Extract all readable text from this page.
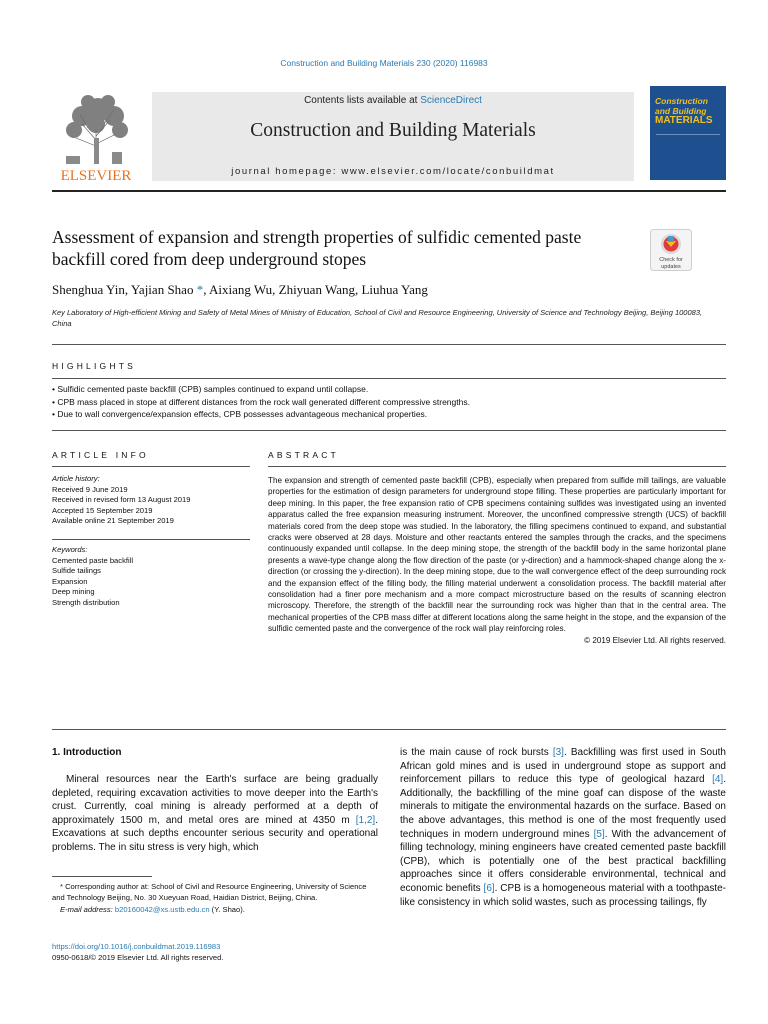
Construction and Building Materials 230 (2020) 116983
ELSEVIER
Contents lists available at ScienceDirect
Construction and Building Materials
journal homepage: www.elsevier.com/locate/conbuildmat
Construction
and Building
MATERIALS
Assessment of expansion and strength properties of sulfidic cemented paste backfill cored from deep underground stopes	Check for updates
Shenghua Yin, Yajian Shao *, Aixiang Wu, Zhiyuan Wang, Liuhua Yang
Key Laboratory of High-efficient Mining and Safety of Metal Mines of Ministry of Education, School of Civil and Resource Engineering, University of Science and Technology Beijing, Beijing 100083, China
HIGHLIGHTS
• Sulfidic cemented paste backfill (CPB) samples continued to expand until collapse.
• CPB mass placed in stope at different distances from the rock wall generated different compressive strengths.
• Due to wall convergence/expansion effects, CPB possesses advantageous mechanical properties.
ARTICLE INFO
Article history:
Received 9 June 2019
Received in revised form 13 August 2019
Accepted 15 September 2019
Available online 21 September 2019
Keywords:
Cemented paste backfill
Sulfide tailings
Expansion
Deep mining
Strength distribution
ABSTRACT
The expansion and strength of cemented paste backfill (CPB), especially when prepared from sulfide mill tailings, are valuable properties for the estimation of design parameters for underground stope filling. These properties are particularly important for deep mining. In this paper, the free expansion ratio of CPB specimens containing sulfides was investigated using an invented apparatus called the free expansion measuring instrument. Moreover, the unconfined compressive strength (UCS) of backfill materials cored from the deep stope was studied. In the laboratory, the filling specimens continued to expand, and substantial cracks were observed at 28 days. Moisture and other reactants entered the samples through the cracks, and the specimens continuously expanded until collapse. In the deep mining stope, the strength of the backfill body in the same horizontal plane presents a wave-type change along the flow direction of the paste (or y-direction) and a hammock-shaped change along the x-direction (or crossing the y-direction). In the deep mining stope, due to the wall convergence effect of the deep surrounding rock and the expansion effect of the filling body, the filling material underwent a consolidation process. The backfill material after consolidation had a finer pore mechanism and a more compact microstructure based on the results of scanning electron microscopy. Therefore, the strength of the backfill near the surrounding rock was higher than that in the central area. The mechanical properties of the CPB mass differ at different locations along the same height in the stope, and the expansion of the sulfidic cemented paste and the convergence of the rock wall play reinforcing roles.
© 2019 Elsevier Ltd. All rights reserved.
1. Introduction
Mineral resources near the Earth's surface are being gradually depleted, requiring excavation activities to move deeper into the Earth's crust. Currently, coal mining is already performed at a depth of approximately 1500 m, and metal ores are mined at 4350 m [1,2]. Excavations at such depths encounter serious security and operational problems. The in situ stress is very high, which
* Corresponding author at: School of Civil and Resource Engineering, University of Science and Technology Beijing, No. 30 Xueyuan Road, Haidian District, Beijing, China.
E-mail address: b20160042@xs.ustb.edu.cn (Y. Shao).
https://doi.org/10.1016/j.conbuildmat.2019.116983
0950-0618/© 2019 Elsevier Ltd. All rights reserved.
is the main cause of rock bursts [3]. Backfilling was first used in South African gold mines and is used in underground stope as support and reinforcement pillars to reduce this type of geological hazard [4]. Additionally, the backfilling of the mine goaf can dispose of the waste minerals to mitigate the environmental hazards on the surface. Based on the above advantages, this method is one of the most frequently used techniques in modern underground mines [5]. With the advancement of filling technology, mining engineers have created cemented paste backfill (CPB), which is potentially one of the best practical backfilling approaches since it offers considerable environmental, technical and economic benefits [6]. CPB is a homogeneous material with a toothpaste-like consistency in which solid wastes, such as processing tailings, fly
